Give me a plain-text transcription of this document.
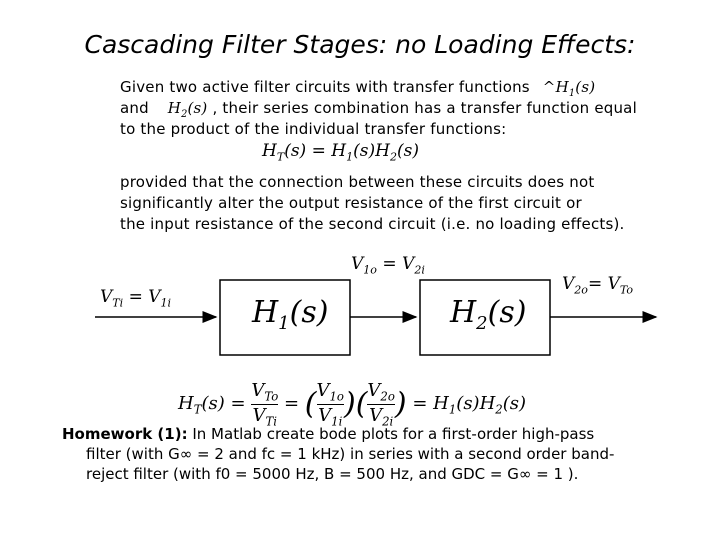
Cascading Filter Stages: no Loading Effects:
Given two active filter circuits with transfer functions $\^{}H_1(s)$
and $H_2(s)$ , their series combination has a transfer function equal
to the product of the individual transfer functions:
$H_T(s) = H_1(s)H_2(s)$
provided that the connection between these circuits does not
significantly alter the output resistance of the first circuit or
the input resistance of the second circuit (i.e. no loading effects).
$V_{1o} = V_{2i}$
$V_{Ti} = V_{1i}$
$V_{2o}= V_{To}$
$H_1(s)$	$H_2(s)$
$H_T(s)$ =
$V_{To}$
$V_{Ti}$
= ( $\frac{V_{1o}}{V_{1i}}$ )( $\frac{V_{2o}}{V_{2i}}$ ) = $H_1(s)H_2(s)$
Homework (1): In Matlab create bode plots for a first-order high-pass
filter (with G∞ = 2 and fc = 1 kHz) in series with a second order band-
reject filter (with f0 = 5000 Hz, B = 500 Hz, and GDC = G∞ = 1 ).
